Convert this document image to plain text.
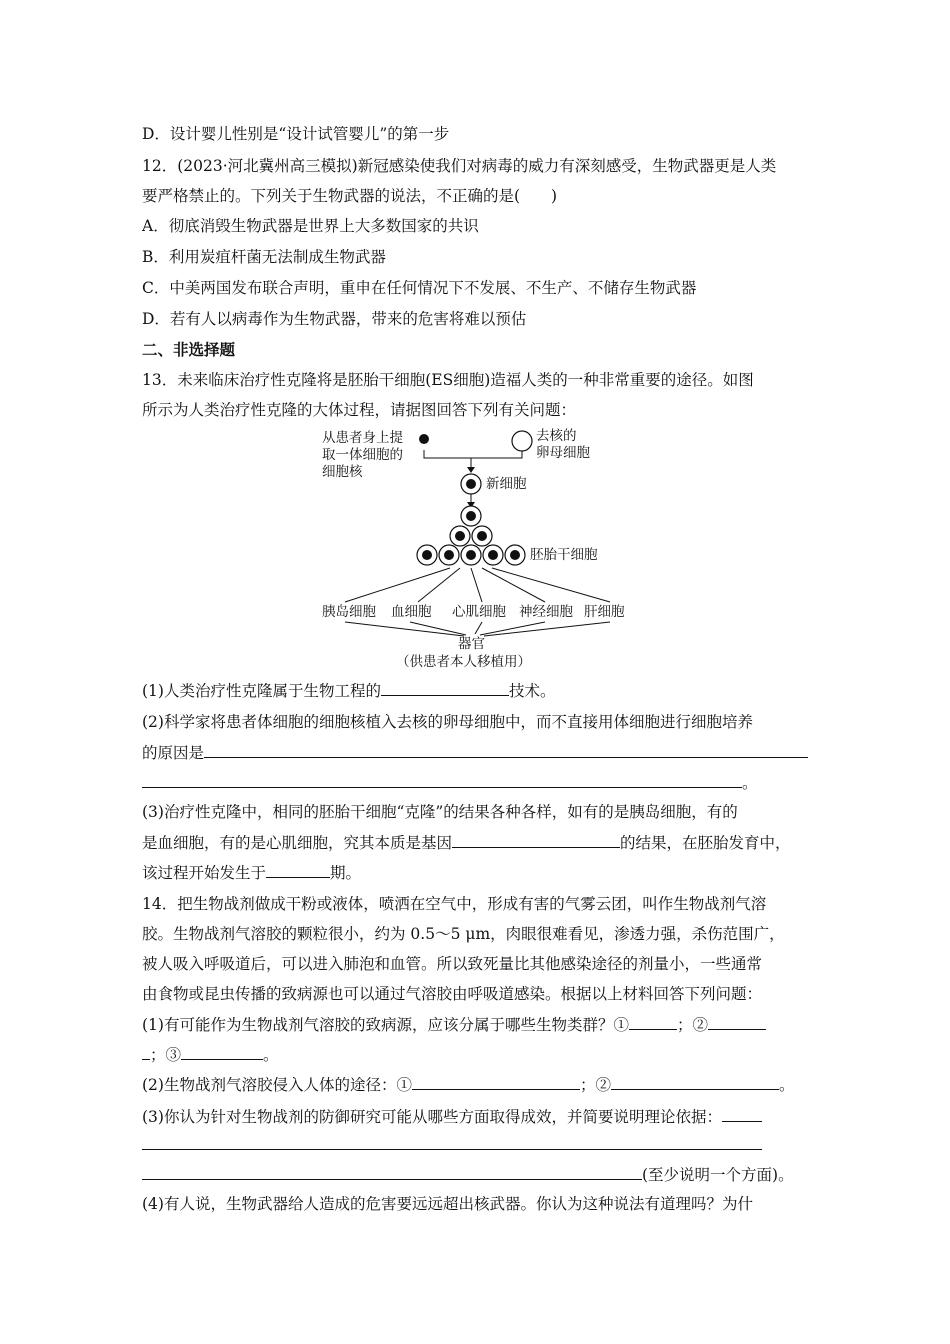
D．设计婴儿性别是“设计试管婴儿”的第一步
12．(2023·河北冀州高三模拟)新冠感染使我们对病毒的威力有深刻感受，生物武器更是人类
要严格禁止的。下列关于生物武器的说法，不正确的是(　　)
A．彻底消毁生物武器是世界上大多数国家的共识
B．利用炭疽杆菌无法制成生物武器
C．中美两国发布联合声明，重申在任何情况下不发展、不生产、不储存生物武器
D．若有人以病毒作为生物武器，带来的危害将难以预估
二、非选择题
13．未来临床治疗性克隆将是胚胎干细胞(ES细胞)造福人类的一种非常重要的途径。如图
所示为人类治疗性克隆的大体过程，请据图回答下列有关问题：
从患者身上提
取一体细胞的
细胞核
去核的
卵母细胞
新细胞
胚胎干细胞
胰岛细胞 血细胞 心肌细胞 神经细胞 肝细胞
器官
（供患者本人移植用）
(1)人类治疗性克隆属于生物工程的	技术。
(2)科学家将患者体细胞的细胞核植入去核的卵母细胞中，而不直接用体细胞进行细胞培养
的原因是
。
(3)治疗性克隆中，相同的胚胎干细胞“克隆”的结果各种各样，如有的是胰岛细胞，有的
是血细胞，有的是心肌细胞，究其本质是基因	的结果，在胚胎发育中，
该过程开始发生于	期。
14．把生物战剂做成干粉或液体，喷洒在空气中，形成有害的气雾云团，叫作生物战剂气溶
胶。生物战剂气溶胶的颗粒很小，约为 0.5～5 μm，肉眼很难看见，渗透力强，杀伤范围广，
被人吸入呼吸道后，可以进入肺泡和血管。所以致死量比其他感染途径的剂量小，一些通常
由食物或昆虫传播的致病源也可以通过气溶胶由呼吸道感染。根据以上材料回答下列问题：
(1)有可能作为生物战剂气溶胶的致病源，应该分属于哪些生物类群？①	；②
；③	。
(2)生物战剂气溶胶侵入人体的途径：①	；②	。
(3)你认为针对生物战剂的防御研究可能从哪些方面取得成效，并简要说明理论依据：
(至少说明一个方面)。
(4)有人说，生物武器给人造成的危害要远远超出核武器。你认为这种说法有道理吗？为什
